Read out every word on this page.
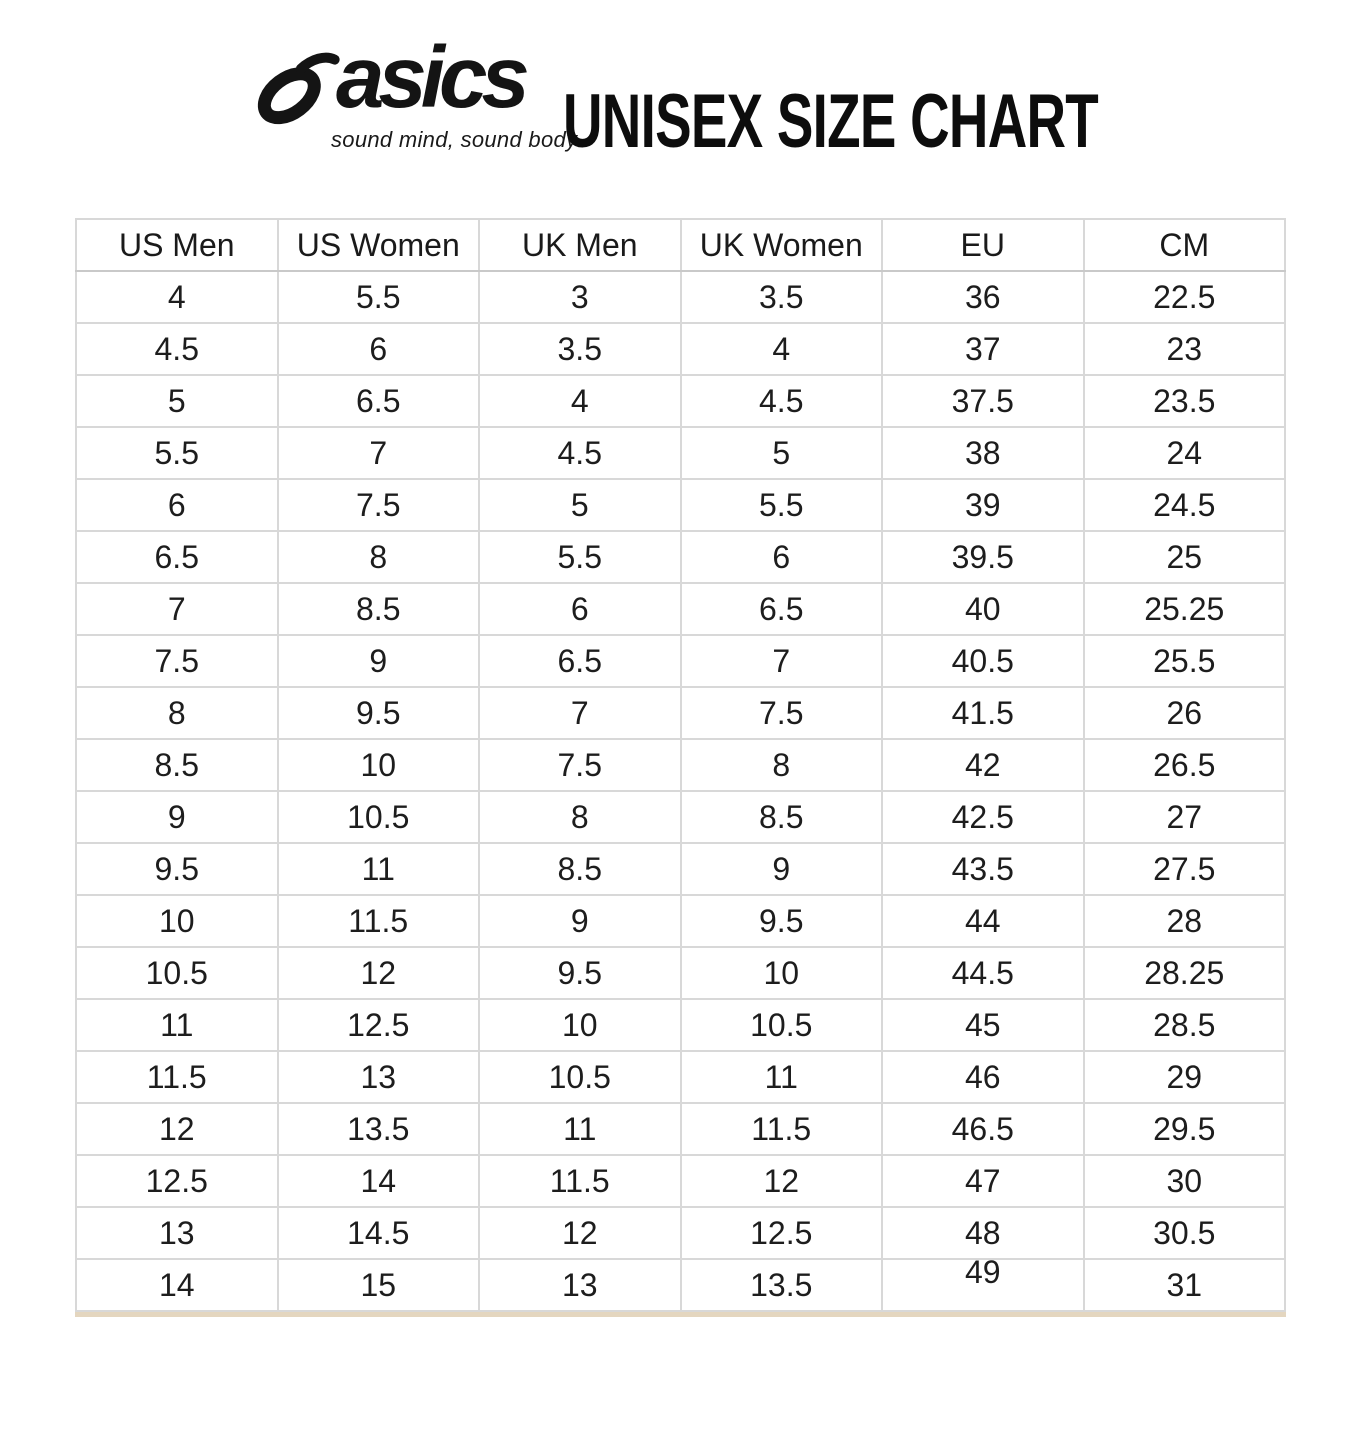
asics
sound mind, sound body
UNISEX SIZE CHART
US Men	US Women	UK Men	UK Women	EU	CM
4	5.5	3	3.5	36	22.5
4.5	6	3.5	4	37	23
5	6.5	4	4.5	37.5	23.5
5.5	7	4.5	5	38	24
6	7.5	5	5.5	39	24.5
6.5	8	5.5	6	39.5	25
7	8.5	6	6.5	40	25.25
7.5	9	6.5	7	40.5	25.5
8	9.5	7	7.5	41.5	26
8.5	10	7.5	8	42	26.5
9	10.5	8	8.5	42.5	27
9.5	11	8.5	9	43.5	27.5
10	11.5	9	9.5	44	28
10.5	12	9.5	10	44.5	28.25
11	12.5	10	10.5	45	28.5
11.5	13	10.5	11	46	29
12	13.5	11	11.5	46.5	29.5
12.5	14	11.5	12	47	30
13	14.5	12	12.5	48	30.5
14	15	13	13.5	49	31
